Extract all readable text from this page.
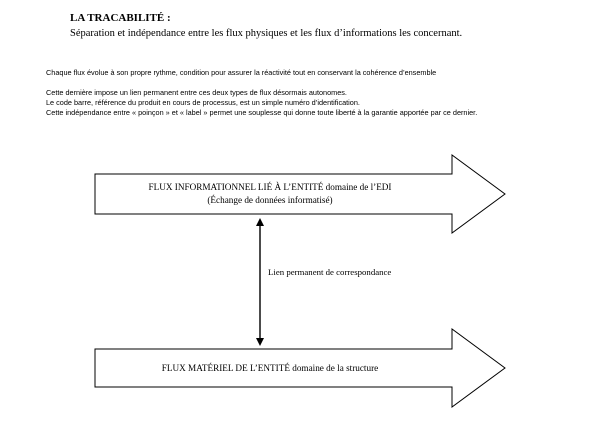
LA TRACABILITÉ :
Séparation et indépendance entre les flux physiques et les flux d’informations les concernant.
Chaque flux évolue à son propre rythme, condition pour assurer la réactivité tout en conservant la cohérence d’ensemble
Cette dernière impose un lien permanent entre ces deux types de flux désormais autonomes.
Le code barre, référence du produit en cours de processus, est un simple numéro d’identification.
Cette indépendance entre « poinçon » et « label » permet une souplesse qui donne toute liberté à la garantie apportée par ce dernier.
FLUX INFORMATIONNEL LIÉ À L’ENTITÉ domaine de l’EDI
(Échange de données informatisé)
Lien permanent de correspondance
FLUX MATÉRIEL DE L’ENTITÉ domaine de la structure
